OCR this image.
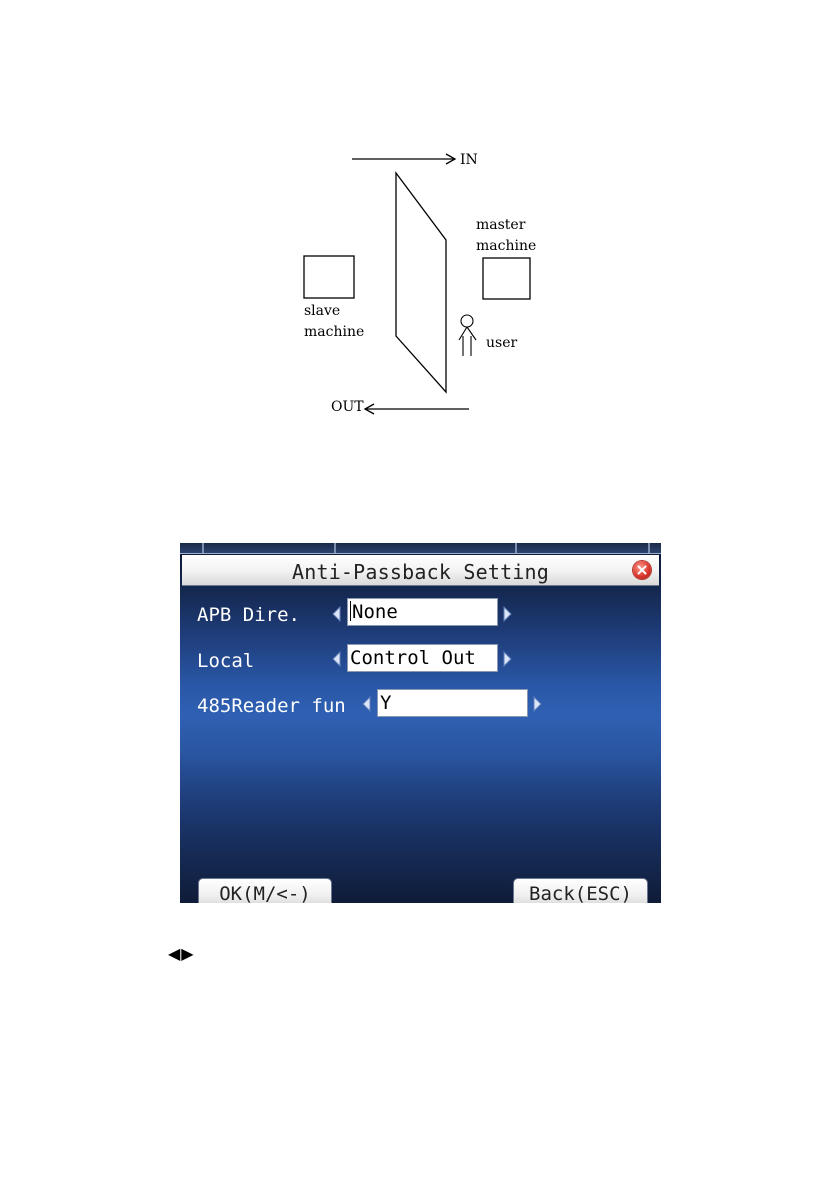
IN
slave
machine
master
machine
user
OUT
Anti-Passback Setting
APB Dire.	None
Local	Control Out
485Reader fun Y
OK(M/<-)	Back(ESC)
◀▶
